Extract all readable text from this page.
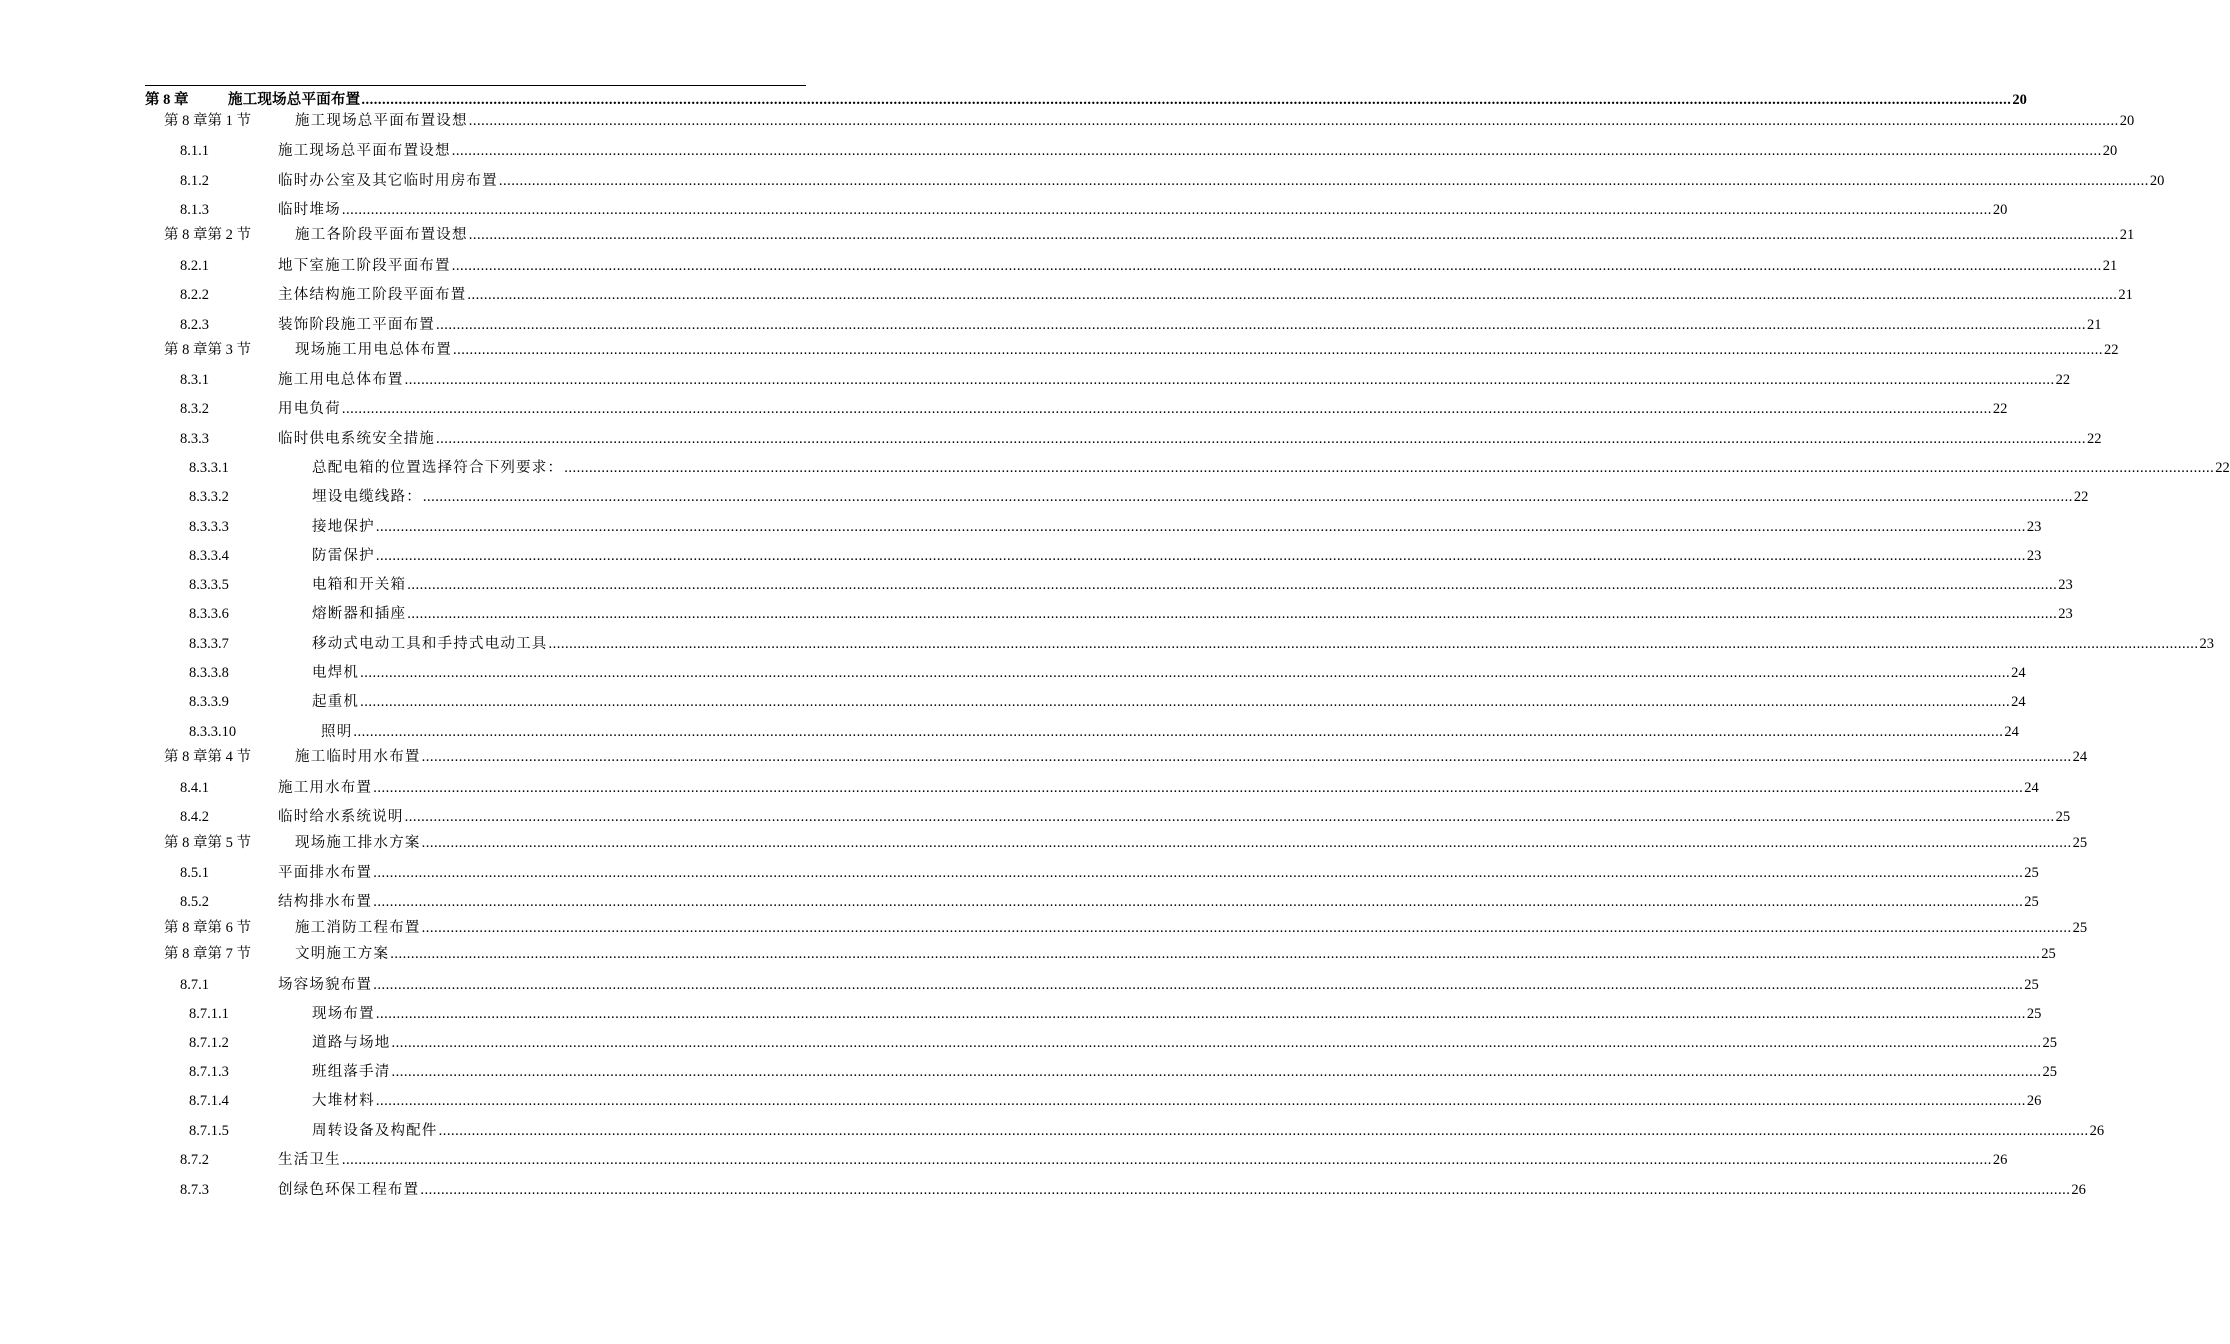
第 8 章	施工现场总平面布置 ................................................................................................................................................................................................................................................................................................................................................................................................................ 20
第 8 章第 1 节	施工现场总平面布置设想 ................................................................................................................................................................................................................................................................................................................................................................................................................ 20
8.1.1	施工现场总平面布置设想 ................................................................................................................................................................................................................................................................................................................................................................................................................ 20
8.1.2	临时办公室及其它临时用房布置 ................................................................................................................................................................................................................................................................................................................................................................................................................ 20
8.1.3	临时堆场 ................................................................................................................................................................................................................................................................................................................................................................................................................ 20
第 8 章第 2 节	施工各阶段平面布置设想 ................................................................................................................................................................................................................................................................................................................................................................................................................ 21
8.2.1	地下室施工阶段平面布置 ................................................................................................................................................................................................................................................................................................................................................................................................................ 21
8.2.2	主体结构施工阶段平面布置 ................................................................................................................................................................................................................................................................................................................................................................................................................ 21
8.2.3	装饰阶段施工平面布置 ................................................................................................................................................................................................................................................................................................................................................................................................................ 21
第 8 章第 3 节	现场施工用电总体布置 ................................................................................................................................................................................................................................................................................................................................................................................................................ 22
8.3.1	施工用电总体布置 ................................................................................................................................................................................................................................................................................................................................................................................................................ 22
8.3.2	用电负荷 ................................................................................................................................................................................................................................................................................................................................................................................................................ 22
8.3.3	临时供电系统安全措施 ................................................................................................................................................................................................................................................................................................................................................................................................................ 22
8.3.3.1	总配电箱的位置选择符合下列要求： ................................................................................................................................................................................................................................................................................................................................................................................................................ 22
8.3.3.2	埋设电缆线路： ................................................................................................................................................................................................................................................................................................................................................................................................................ 22
8.3.3.3	接地保护 ................................................................................................................................................................................................................................................................................................................................................................................................................ 23
8.3.3.4	防雷保护 ................................................................................................................................................................................................................................................................................................................................................................................................................ 23
8.3.3.5	电箱和开关箱 ................................................................................................................................................................................................................................................................................................................................................................................................................ 23
8.3.3.6	熔断器和插座 ................................................................................................................................................................................................................................................................................................................................................................................................................ 23
8.3.3.7	移动式电动工具和手持式电动工具 ................................................................................................................................................................................................................................................................................................................................................................................................................ 23
8.3.3.8	电焊机 ................................................................................................................................................................................................................................................................................................................................................................................................................ 24
8.3.3.9	起重机 ................................................................................................................................................................................................................................................................................................................................................................................................................ 24
8.3.3.10	照明 ................................................................................................................................................................................................................................................................................................................................................................................................................ 24
第 8 章第 4 节	施工临时用水布置 ................................................................................................................................................................................................................................................................................................................................................................................................................ 24
8.4.1	施工用水布置 ................................................................................................................................................................................................................................................................................................................................................................................................................ 24
8.4.2	临时给水系统说明 ................................................................................................................................................................................................................................................................................................................................................................................................................ 25
第 8 章第 5 节	现场施工排水方案 ................................................................................................................................................................................................................................................................................................................................................................................................................ 25
8.5.1	平面排水布置 ................................................................................................................................................................................................................................................................................................................................................................................................................ 25
8.5.2	结构排水布置 ................................................................................................................................................................................................................................................................................................................................................................................................................ 25
第 8 章第 6 节	施工消防工程布置 ................................................................................................................................................................................................................................................................................................................................................................................................................ 25
第 8 章第 7 节	文明施工方案 ................................................................................................................................................................................................................................................................................................................................................................................................................ 25
8.7.1	场容场貌布置 ................................................................................................................................................................................................................................................................................................................................................................................................................ 25
8.7.1.1	现场布置 ................................................................................................................................................................................................................................................................................................................................................................................................................ 25
8.7.1.2	道路与场地 ................................................................................................................................................................................................................................................................................................................................................................................................................ 25
8.7.1.3	班组落手清 ................................................................................................................................................................................................................................................................................................................................................................................................................ 25
8.7.1.4	大堆材料 ................................................................................................................................................................................................................................................................................................................................................................................................................ 26
8.7.1.5	周转设备及构配件 ................................................................................................................................................................................................................................................................................................................................................................................................................ 26
8.7.2	生活卫生 ................................................................................................................................................................................................................................................................................................................................................................................................................ 26
8.7.3	创绿色环保工程布置 ................................................................................................................................................................................................................................................................................................................................................................................................................ 26
